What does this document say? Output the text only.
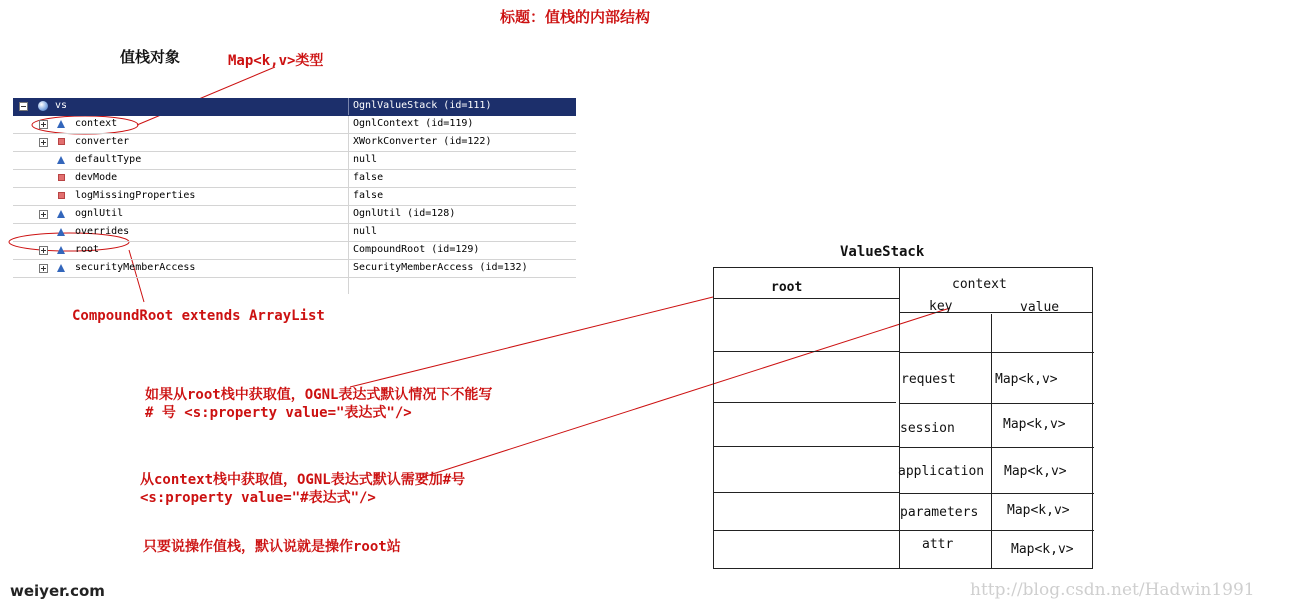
标题：值栈的内部结构
值栈对象	Map<k,v>类型
vs	OgnlValueStack (id=111)
context	OgnlContext (id=119)
converter	XWorkConverter (id=122)
defaultType	null
devMode	false
logMissingProperties	false
ognlUtil	OgnlUtil (id=128)
overrides	null
root	CompoundRoot (id=129)
securityMemberAccess	SecurityMemberAccess (id=132)
CompoundRoot extends ArrayList
如果从root栈中获取值，OGNL表达式默认情况下不能写
# 号 <s:property value="表达式"/>
从context栈中获取值，OGNL表达式默认需要加#号
<s:property value="#表达式"/>
只要说操作值栈，默认说就是操作root站
ValueStack
root	context
key	value
request	Map<k,v>
session	Map<k,v>
application Map<k,v>
parameters Map<k,v>
attr	Map<k,v>
weiyer.com	http://blog.csdn.net/Hadwin1991
